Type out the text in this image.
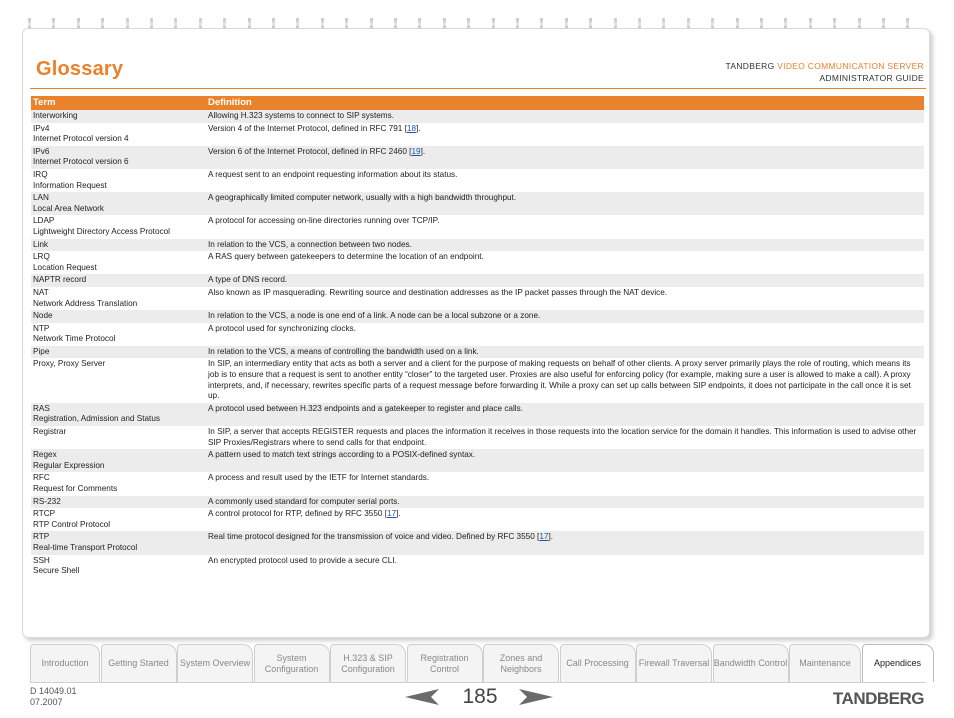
Glossary	TANDBERG VIDEO COMMUNICATION SERVER
ADMINISTRATOR GUIDE
Term	Definition

Interworking	Allowing H.323 systems to connect to SIP systems.

IPv4
Internet Protocol version 4	Version 4 of the Internet Protocol, defined in RFC 791 [18].

IPv6
Internet Protocol version 6	Version 6 of the Internet Protocol, defined in RFC 2460 [19].

IRQ
Information Request	A request sent to an endpoint requesting information about its status.

LAN
Local Area Network	A geographically limited computer network, usually with a high bandwidth throughput.

LDAP
Lightweight Directory Access Protocol	A protocol for accessing on-line directories running over TCP/IP.

Link	In relation to the VCS, a connection between two nodes.

LRQ
Location Request	A RAS query between gatekeepers to determine the location of an endpoint.

NAPTR record	A type of DNS record.

NAT
Network Address Translation	Also known as IP masquerading. Rewriting source and destination addresses as the IP packet passes through the NAT device.

Node	In relation to the VCS, a node is one end of a link. A node can be a local subzone or a zone.

NTP
Network Time Protocol	A protocol used for synchronizing clocks.

Pipe	In relation to the VCS, a means of controlling the bandwidth used on a link.

Proxy, Proxy Server	In SIP, an intermediary entity that acts as both a server and a client for the purpose of making requests on behalf of other clients. A proxy server primarily plays the role of routing, which means its job is to ensure that a request is sent to another entity “closer” to the targeted user. Proxies are also useful for enforcing policy (for example, making sure a user is allowed to make a call). A proxy interprets, and, if necessary, rewrites specific parts of a request message before forwarding it. While a proxy can set up calls between SIP endpoints, it does not participate in the call once it is set up.

RAS
Registration, Admission and Status	A protocol used between H.323 endpoints and a gatekeeper to register and place calls.

Registrar	In SIP, a server that accepts REGISTER requests and places the information it receives in those requests into the location service for the domain it handles. This information is used to advise other SIP Proxies/Registrars where to send calls for that endpoint.

Regex
Regular Expression	A pattern used to match text strings according to a POSIX-defined syntax.

RFC
Request for Comments	A process and result used by the IETF for Internet standards.

RS-232	A commonly used standard for computer serial ports.

RTCP
RTP Control Protocol	A control protocol for RTP, defined by RFC 3550 [17].

RTP
Real-time Transport Protocol	Real time protocol designed for the transmission of voice and video. Defined by RFC 3550 [17].

SSH
Secure Shell	An encrypted protocol used to provide a secure CLI.
Introduction Getting Started System Overview
System Configuration
H.323 & SIP Configuration
Registration Control
Zones and Neighbors
Call Processing Firewall Traversal Bandwidth Control Maintenance	Appendices
D 14049.01
07.2007	185	TANDBERG
